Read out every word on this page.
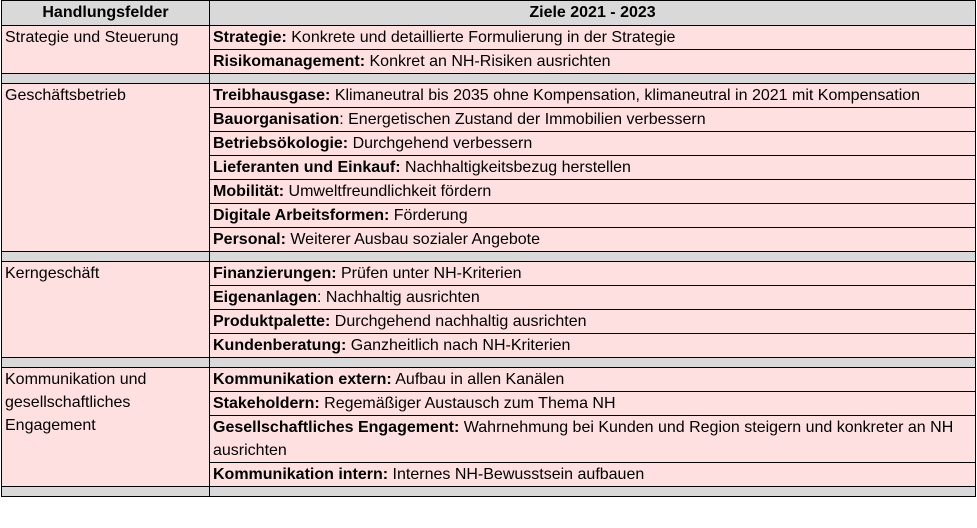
Handlungsfelder	Ziele 2021 - 2023
Strategie und Steuerung	Strategie: Konkrete und detaillierte Formulierung in der Strategie
	Risikomanagement: Konkret an NH-Risiken ausrichten

Geschäftsbetrieb	Treibhausgase: Klimaneutral bis 2035 ohne Kompensation, klimaneutral in 2021 mit Kompensation
	Bauorganisation: Energetischen Zustand der Immobilien verbessern
	Betriebsökologie: Durchgehend verbessern
	Lieferanten und Einkauf: Nachhaltigkeitsbezug herstellen
	Mobilität: Umweltfreundlichkeit fördern
	Digitale Arbeitsformen: Förderung
	Personal: Weiterer Ausbau sozialer Angebote

Kerngeschäft	Finanzierungen: Prüfen unter NH-Kriterien
	Eigenanlagen: Nachhaltig ausrichten
	Produktpalette: Durchgehend nachhaltig ausrichten
	Kundenberatung: Ganzheitlich nach NH-Kriterien

Kommunikation und gesellschaftliches Engagement	Kommunikation extern: Aufbau in allen Kanälen
	Stakeholdern: Regemäßiger Austausch zum Thema NH
	Gesellschaftliches Engagement: Wahrnehmung bei Kunden und Region steigern und konkreter an NH ausrichten
	Kommunikation intern: Internes NH-Bewusstsein aufbauen
